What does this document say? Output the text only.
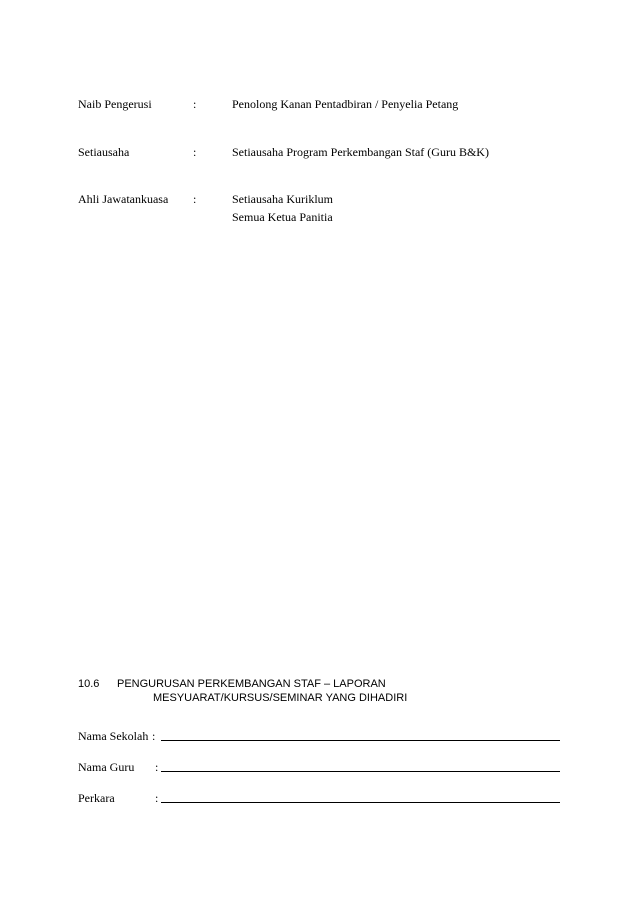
Naib Pengerusi	:	Penolong Kanan Pentadbiran / Penyelia Petang
Setiausaha	:	Setiausaha Program Perkembangan Staf (Guru B&K)
Ahli Jawatankuasa :	Setiausaha Kuriklum
Semua Ketua Panitia
10.6 PENGURUSAN PERKEMBANGAN STAF – LAPORAN
MESYUARAT/KURSUS/SEMINAR YANG DIHADIRI
Nama Sekolah :
Nama Guru :
Perkara	:
